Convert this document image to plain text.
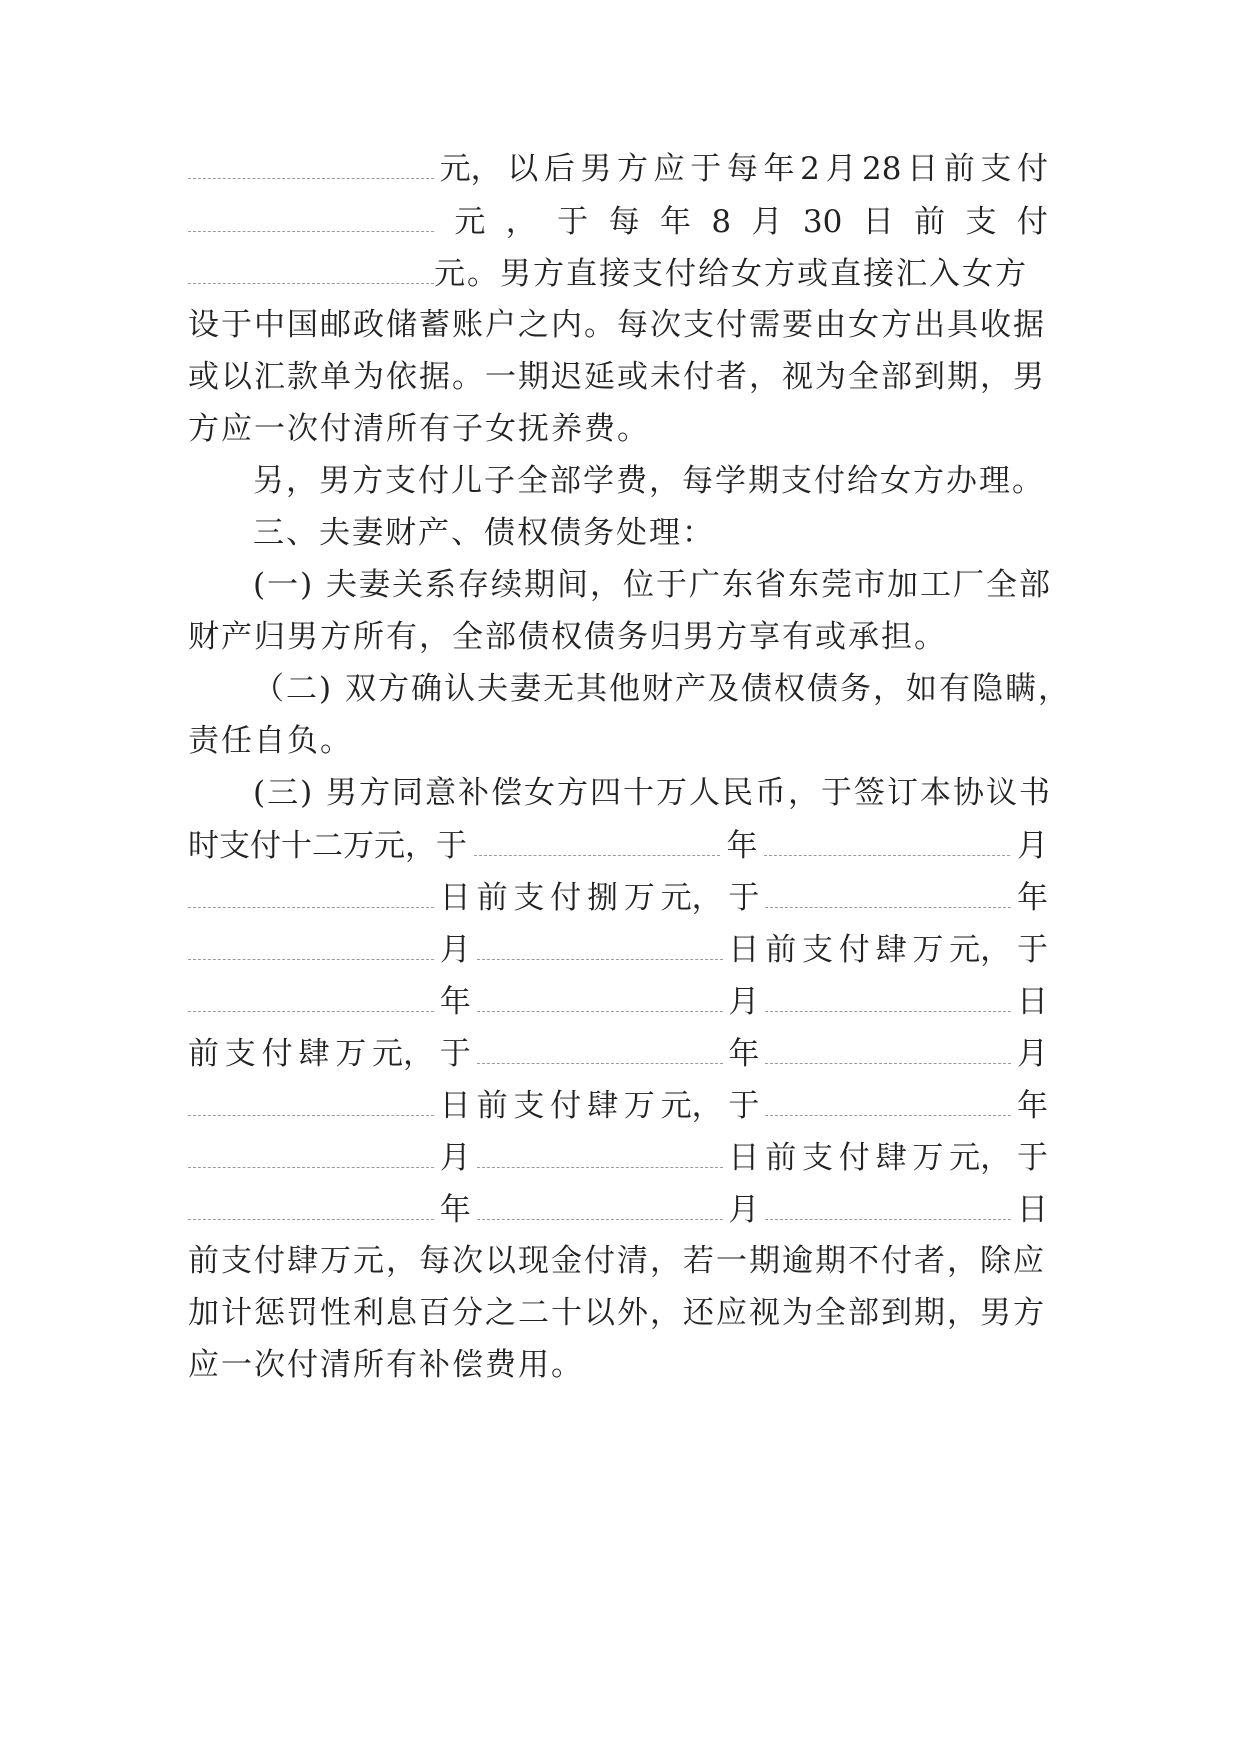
元， 以 后 男 方 应 于 每 年 2 月 28 日 前 支 付
元 ， 于 每 年 8 月 30 日 前 支 付
元。男方直接支付给女方或直接汇入女方
设于中国邮政储蓄账户之内。每次支付需要由女方出具收据
或以汇款单为依据。一期迟延或未付者，视为全部到期，男
方应一次付清所有子女抚养费。
另，男方支付儿子全部学费，每学期支付给女方办理。
三、夫妻财产、债权债务处理：
(一) 夫妻关系存续期间，位于广东省东莞市加工厂全部
财产归男方所有，全部债权债务归男方享有或承担。
（二) 双方确认夫妻无其他财产及债权债务，如有隐瞒，
责任自负。
(三) 男方同意补偿女方四十万人民币，于签订本协议书
时支付十二万元，于	年	月
日 前 支 付 捌 万 元， 于	年
月	日 前 支 付 肆 万 元， 于
年	月	日
前 支 付 肆 万 元， 于	年	月
日 前 支 付 肆 万 元， 于	年
月	日 前 支 付 肆 万 元， 于
年	月	日
前支付肆万元，每次以现金付清，若一期逾期不付者，除应
加计惩罚性利息百分之二十以外，还应视为全部到期，男方
应一次付清所有补偿费用。
